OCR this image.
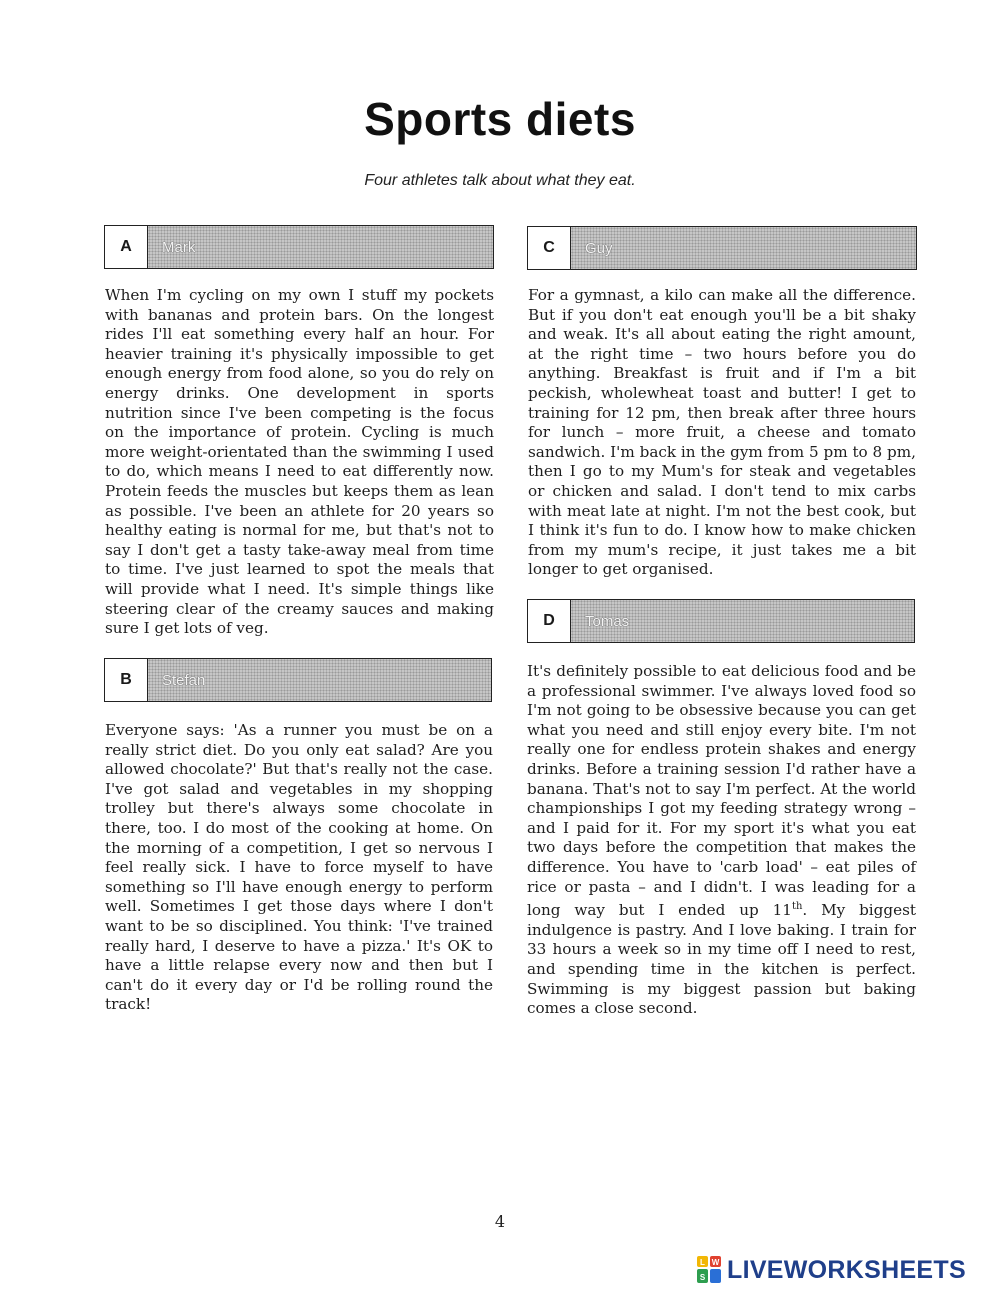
Sports diets
Four athletes talk about what they eat.
A	Mark

When I'm cycling on my own I stuff my pockets with bananas and protein bars. On the longest rides I'll eat something every half an hour. For heavier training it's physically impossible to get enough energy from food alone, so you do rely on energy drinks. One development in sports nutrition since I've been competing is the focus on the importance of protein. Cycling is much more weight-orientated than the swimming I used to do, which means I need to eat differently now. Protein feeds the muscles but keeps them as lean as possible. I've been an athlete for 20 years so healthy eating is normal for me, but that's not to say I don't get a tasty take-away meal from time to time. I've just learned to spot the meals that will provide what I need. It's simple things like steering clear of the creamy sauces and making sure I get lots of veg.

B	Stefan

Everyone says: 'As a runner you must be on a really strict diet. Do you only eat salad? Are you allowed chocolate?' But that's really not the case. I've got salad and vegetables in my shopping trolley but there's always some chocolate in there, too. I do most of the cooking at home. On the morning of a competition, I get so nervous I feel really sick. I have to force myself to have something so I'll have enough energy to perform well. Sometimes I get those days where I don't want to be so disciplined. You think: 'I've trained really hard, I deserve to have a pizza.' It's OK to have a little relapse every now and then but I can't do it every day or I'd be rolling round the track!

C	Guy

For a gymnast, a kilo can make all the difference. But if you don't eat enough you'll be a bit shaky and weak. It's all about eating the right amount, at the right time – two hours before you do anything. Breakfast is fruit and if I'm a bit peckish, wholewheat toast and butter! I get to training for 12 pm, then break after three hours for lunch – more fruit, a cheese and tomato sandwich. I'm back in the gym from 5 pm to 8 pm, then I go to my Mum's for steak and vegetables or chicken and salad. I don't tend to mix carbs with meat late at night. I'm not the best cook, but I think it's fun to do. I know how to make chicken from my mum's recipe, it just takes me a bit longer to get organised.

D	Tomas

It's definitely possible to eat delicious food and be a professional swimmer. I've always loved food so I'm not going to be obsessive because you can get what you need and still enjoy every bite. I'm not really one for endless protein shakes and energy drinks. Before a training session I'd rather have a banana. That's not to say I'm perfect. At the world championships I got my feeding strategy wrong – and I paid for it. For my sport it's what you eat two days before the competition that makes the difference. You have to 'carb load' – eat piles of rice or pasta – and I didn't. I was leading for a long way but I ended up 11th. My biggest indulgence is pastry. And I love baking. I train for 33 hours a week so in my time off I need to rest, and spending time in the kitchen is perfect. Swimming is my biggest passion but baking comes a close second.

4
L W
S LIVEWORKSHEETS
